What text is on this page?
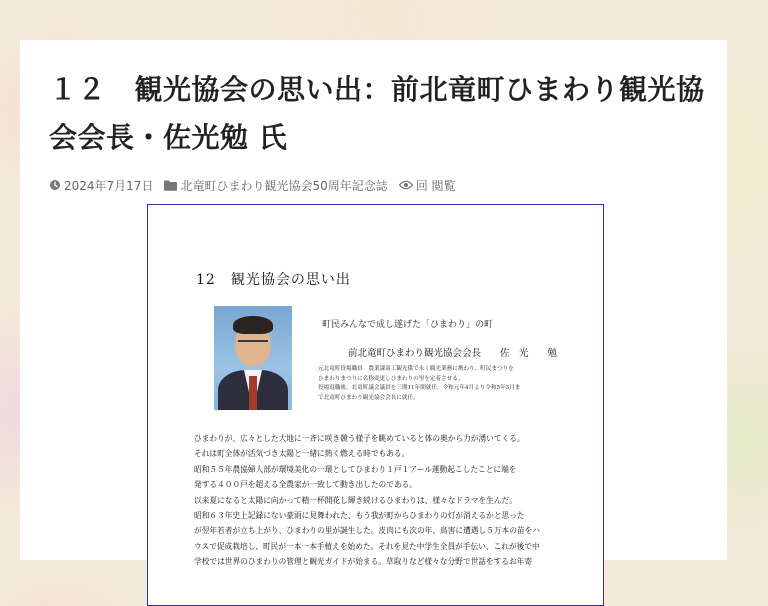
１２　観光協会の思い出：前北竜町ひまわり観光協会会長・佐光勉 氏
2024年7月17日 北竜町ひまわり観光協会50周年記念誌 回 閲覧
12　観光協会の思い出
町民みんなで成し遂げた「ひまわり」の町
前北竜町ひまわり観光協会会長　　佐　光　　勉
元北竜町役場職員　農業課商工観光係で永く観光業務に携わり、町民まつりを
ひまわりまつりに名称変更しひまわりの里を定着させる。
役場退職後、北竜町議会議員を三期11年間就任、令和元年4月より令和5年3月ま
で北竜町ひまわり観光協会会長に就任。
ひまわりが、広々とした大地に一斉に咲き競う様子を眺めていると体の奥から力が湧いてくる。
それは町全体が活気づき太陽と一緒に熱く燃える時でもある。
昭和５５年農協婦人部が環境美化の一環としてひまわり１戸１アール運動起こしたことに端を
発する４００戸を超える全農家が一致して動き出したのである。
以来夏になると太陽に向かって精一杯開花し輝き続けるひまわりは、様々なドラマを生んだ。
昭和６３年史上記録にない豪雨に見舞われた、もう我が町からひまわりの灯が消えるかと思った
が翌年若者が立ち上がり、ひまわりの里が誕生した。皮肉にも次の年、鳥害に遭遇し５万本の苗をハ
ウスで促成栽培し、町民が一本一本手植えを始めた。それを見た中学生全員が手伝い、これが後で中
学校では世界のひまわりの管理と観光ガイドが始まる。草取りなど様々な分野で世話をするお年寄
